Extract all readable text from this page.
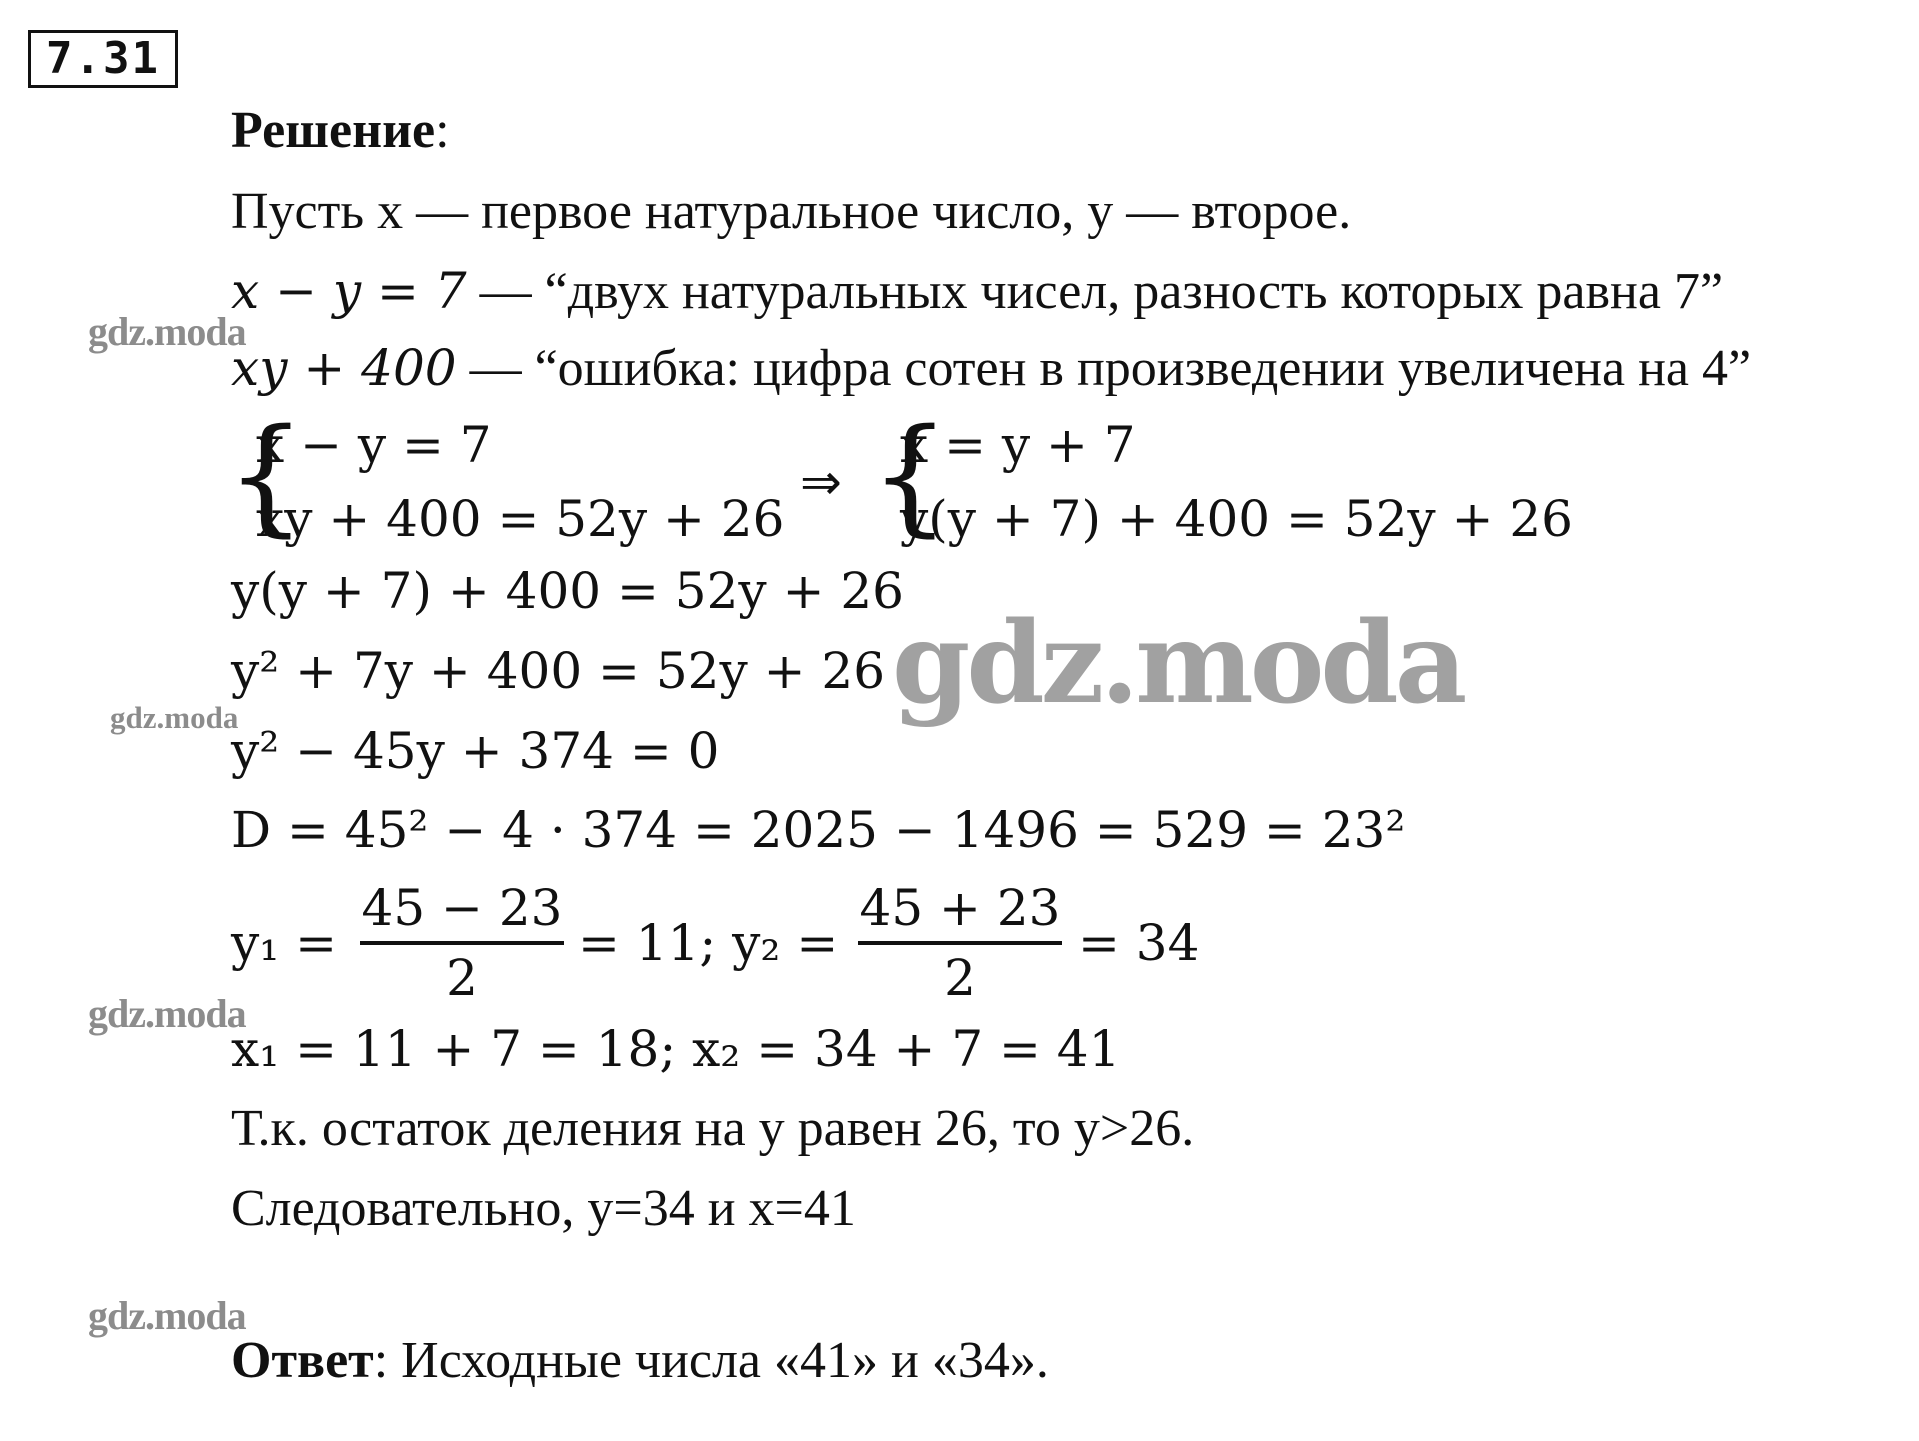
7.31
Решение:
Пусть x — первое натуральное число, y — второе.
x − y = 7 — “двух натуральных чисел, разность которых равна 7”
xy + 400 — “ошибка: цифра сотен в произведении увеличена на 4”
{
x − y = 7
xy + 400 = 52y + 26
⇒ {
x = y + 7
y(y + 7) + 400 = 52y + 26
y(y + 7) + 400 = 52y + 26
y² + 7y + 400 = 52y + 26
y² − 45y + 374 = 0
D = 45² − 4 · 374 = 2025 − 1496 = 529 = 23²
$y_1 = \frac{45 - 23}{2} = 11$; $y_2 = \frac{45 + 23}{2} = 34$
x₁ = 11 + 7 = 18; x₂ = 34 + 7 = 41
Т.к. остаток деления на y равен 26, то y>26.
Следовательно, y=34 и x=41
Ответ: Исходные числа «41» и «34».
gdz.moda
gdz.moda
gdz.moda
gdz.moda
gdz.moda
